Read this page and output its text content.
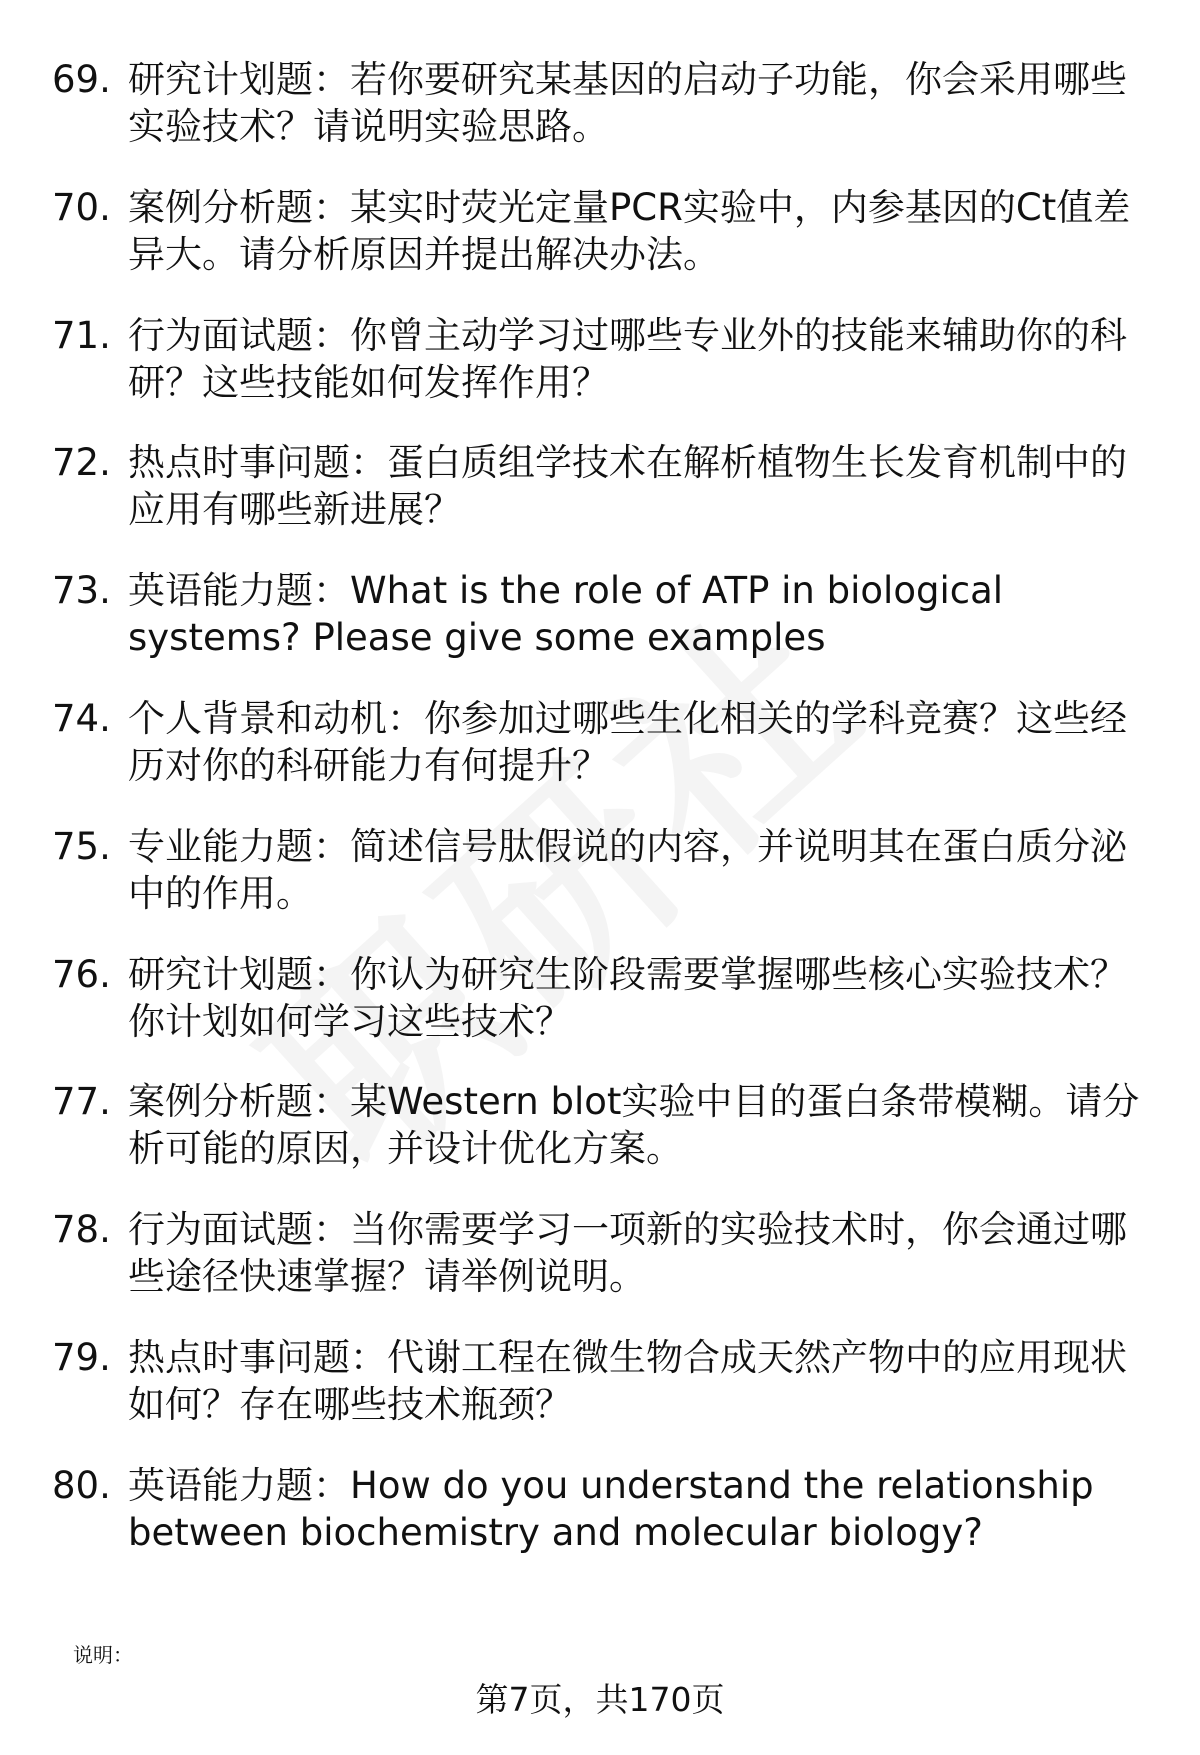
69. 研究计划题：若你要研究某基因的启动子功能，你会采用哪些实验技术？请说明实验思路。
70. 案例分析题：某实时荧光定量PCR实验中，内参基因的Ct值差异大。请分析原因并提出解决办法。
71. 行为面试题：你曾主动学习过哪些专业外的技能来辅助你的科研？这些技能如何发挥作用？
72. 热点时事问题：蛋白质组学技术在解析植物生长发育机制中的应用有哪些新进展？
73. 英语能力题：What is the role of ATP in biological systems? Please give some examples
74. 个人背景和动机：你参加过哪些生化相关的学科竞赛？这些经历对你的科研能力有何提升？
75. 专业能力题：简述信号肽假说的内容，并说明其在蛋白质分泌中的作用。
76. 研究计划题：你认为研究生阶段需要掌握哪些核心实验技术？你计划如何学习这些技术？
77. 案例分析题：某Western blot实验中目的蛋白条带模糊。请分析可能的原因，并设计优化方案。
78. 行为面试题：当你需要学习一项新的实验技术时，你会通过哪些途径快速掌握？请举例说明。
79. 热点时事问题：代谢工程在微生物合成天然产物中的应用现状如何？存在哪些技术瓶颈？
80. 英语能力题：How do you understand the relationship between biochemistry and molecular biology?
说明：
第7页，共170页
